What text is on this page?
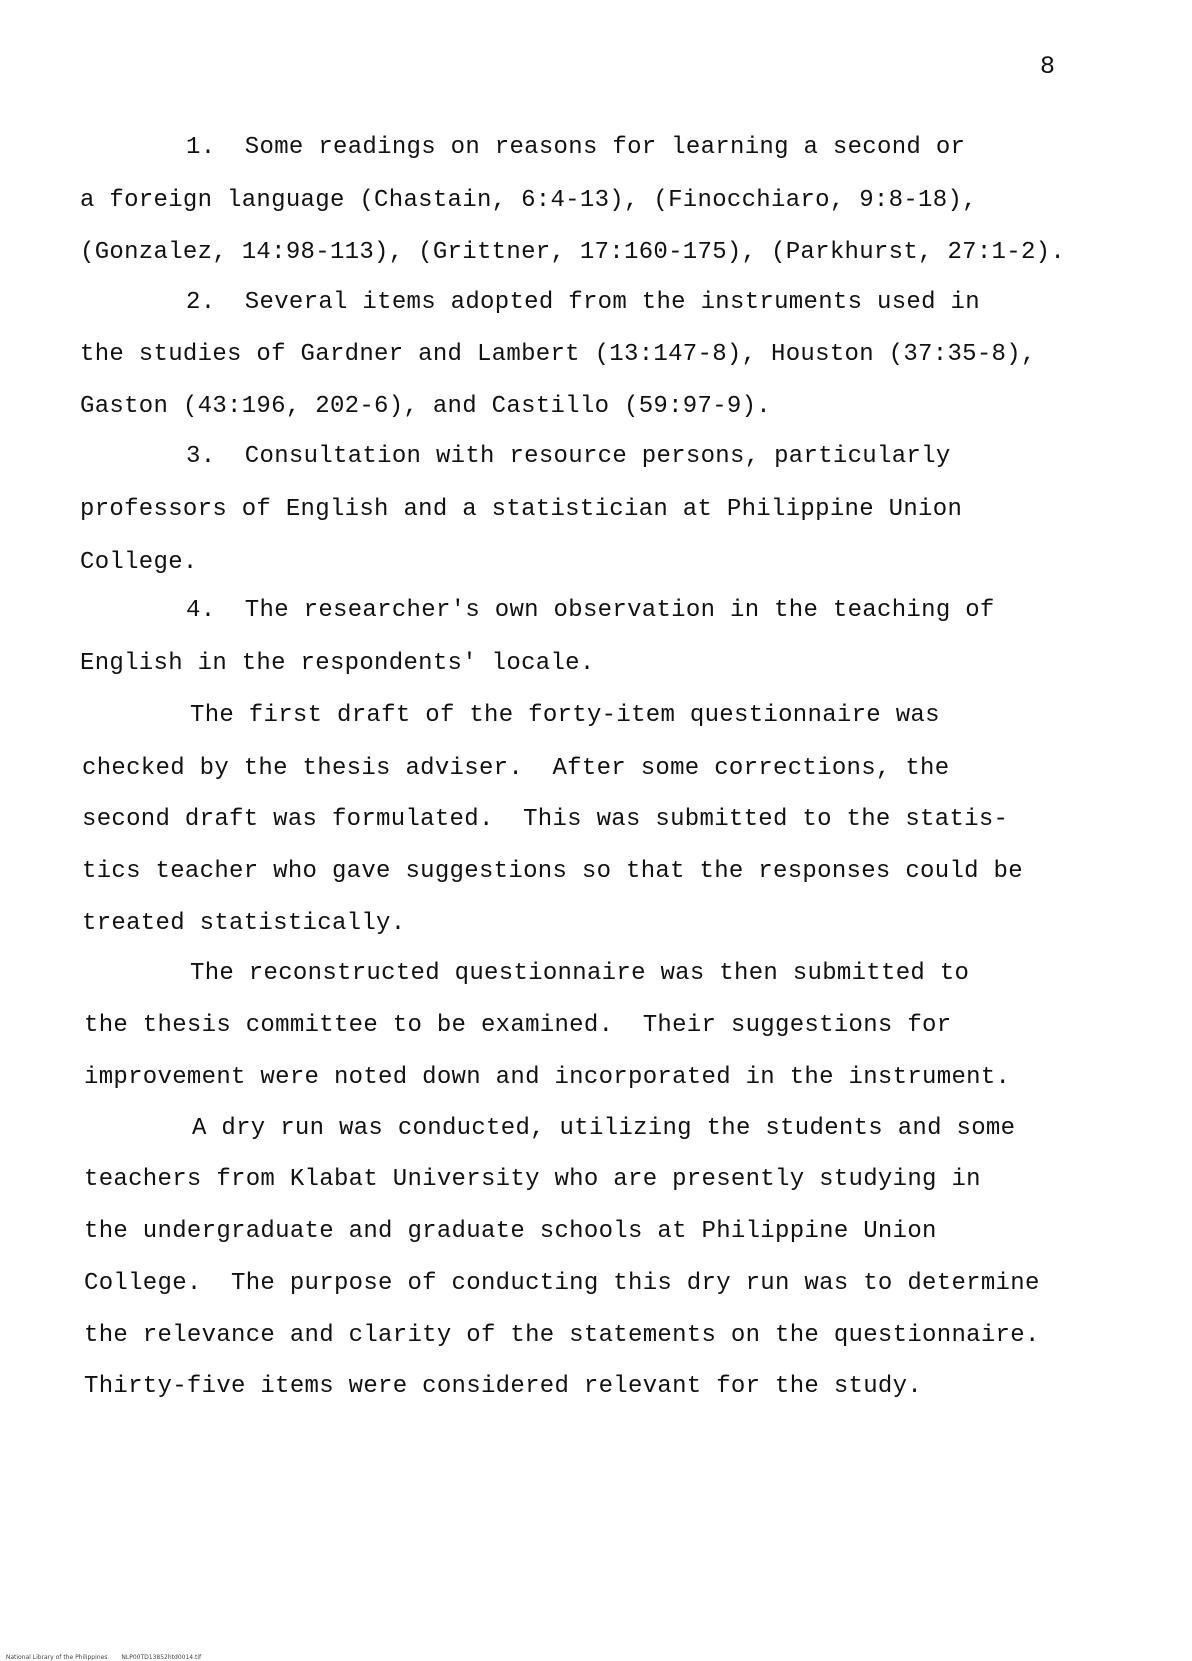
8
1.  Some readings on reasons for learning a second or
a foreign language (Chastain, 6:4-13), (Finocchiaro, 9:8-18),
(Gonzalez, 14:98-113), (Grittner, 17:160-175), (Parkhurst, 27:1-2).
2.  Several items adopted from the instruments used in
the studies of Gardner and Lambert (13:147-8), Houston (37:35-8),
Gaston (43:196, 202-6), and Castillo (59:97-9).
3.  Consultation with resource persons, particularly
professors of English and a statistician at Philippine Union
College.
4.  The researcher's own observation in the teaching of
English in the respondents' locale.
The first draft of the forty-item questionnaire was
checked by the thesis adviser.  After some corrections, the
second draft was formulated.  This was submitted to the statis-
tics teacher who gave suggestions so that the responses could be
treated statistically.
The reconstructed questionnaire was then submitted to
the thesis committee to be examined.  Their suggestions for
improvement were noted down and incorporated in the instrument.
A dry run was conducted, utilizing the students and some
teachers from Klabat University who are presently studying in
the undergraduate and graduate schools at Philippine Union
College.  The purpose of conducting this dry run was to determine
the relevance and clarity of the statements on the questionnaire.
Thirty-five items were considered relevant for the study.

National Library of the Philippines NLP00TD13852htd0014.tif
